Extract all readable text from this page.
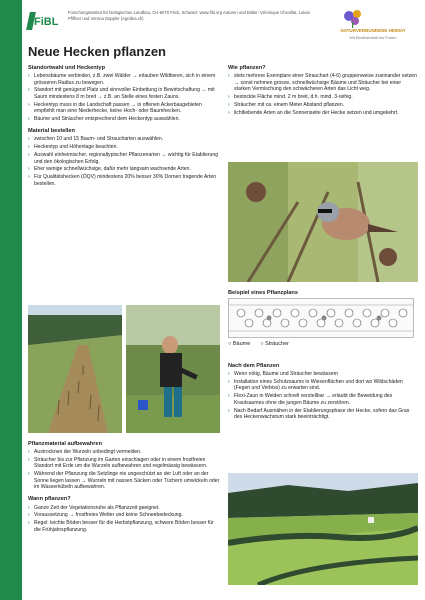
FiBL
Forschungsinstitut für biologischen Landbau, CH-5070 Frick, Schweiz; www.fibl.org Autoren und Bilder: Véronique Chevillat, Lukas Pfiffner und Verena Doppler (Agridea.ch)
NATURVERBUNDENE HEIMAT
Mit Biodiversität ins Freien
Neue Hecken pflanzen
Standortwahl und Heckentyp
› Lebensbäume verbinden, z.B. zwei Wälder → erlauben Wildtieren, sich in einem grösseren Radius zu bewegen.
› Standort mit genügend Platz und sinnvoller Einbettung in Bewirtschaftung → mit Saum mindestens 8 m breit → z.B. an Stelle eines festen Zauns.
› Heckentyp muss in die Landschaft passen → in offenen Ackerbaugebieten empfiehlt man eine Niederhecke, keine Hoch- oder Baumhecken.
› Bäume und Sträucher entsprechend dem Heckentyp auswählen.
Material bestellen
› zwischen 10 und 15 Baum- und Straucharten auswählen.
› Heckentyp und Höhenlage beachten.
› Auswahl einheimischer, regionaltypischer Pflanzenarten → wichtig für Etablierung und den ökologischen Erfolg.
› Eher wenige schnellwüchsige, dafür mehr langsam wachsende Arten.
› Für Qualitätshecken (ÖQV) mindestens 20% besser 30% Dornen tragende Arten bestellen.
Pflanzmaterial aufbewahren
› Austrocknen der Wurzeln unbedingt vermeiden.
› Sträucher bis zur Pflanzung im Garten einschlagen oder in einem frostfreien Standort mit Erde um die Wurzeln aufbewahren und regelmässig bewässern.
› Während der Pflanzung die Setzlinge nie ungeschützt an der Luft oder an der Sonne liegen lassen → Wurzeln mit nassen Säcken oder Tüchern umwickeln oder im Wasserkübeln aufbewahren.
Wann pflanzen?
› Ganze Zeit der Vegetationsruhe als Pflanzzeit geeignet.
› Voraussetzung → frostfreies Wetter und keine Schneebedeckung.
› Regel: leichte Böden besser für die Herbstpflanzung, schwere Böden besser für die Frühjahrspflanzung.
Wie pflanzen?
› stets mehrere Exemplare einer Strauchart (4-6) gruppenweise zueinander setzen → sonst nehmen grosse, schnellwüchsige Bäume und Sträucher bei einer starken Vermischung den schwächeren Arten das Licht weg.
› bestockte Fläche mind. 2 m breit, d.h. mind. 3-reihig.
› Sträucher mit ca. einem Meter Abstand pflanzen.
› lichtliebende Arten an die Sonnenseite der Hecke setzen und umgekehrt.
Beispiel eines Pflanzplans
○ Bäume ○ Sträucher
Nach dem Pflanzen
› Wenn nötig, Bäume und Sträucher bewässern
› Installation eines Schutzsaums in Wiesenflächen und dort wo Wildschäden (Fegen und Verbiss) zu erwarten sind.
› Flexi-Zaun in Weiden schnell verstellbar → erlaubt die Beweidung des Krautsaumes ohne die jungen Bäume zu zerstören.
› Nach Bedarf Ausmähen in der Etablierungsphase der Hecke, sofern das Gras des Heckenwachstum stark beeinträchtigt.
